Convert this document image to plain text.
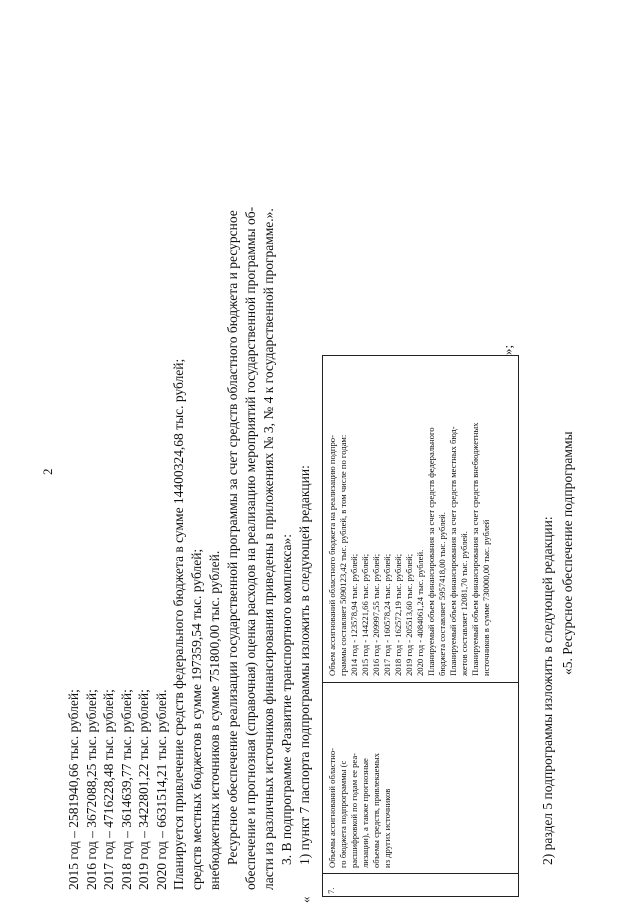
2
2015 год – 2581940,66 тыс. рублей; 2016 год – 3672088,25 тыс. рублей; 2017 год – 4716228,48 тыс. рублей; 2018 год – 3614639,77 тыс. рублей; 2019 год – 3422801,22 тыс. рублей; 2020 год – 6631514,21 тыс. рублей. Планируется привлечение средств федерального бюджета в сумме 14400324,68 тыс. рублей; средств местных бюджетов в сумме 197359,54 тыс. рублей; внебюджетных источников в сумме 751800,00 тыс. рублей. Ресурсное обеспечение реализации государственной программы за счет средств областного бюджета и ресурсное обеспечение и прогнозная (справочная) оценка расходов на реализацию мероприятий государственной программы об- ласти из различных источников финансирования приведены в приложениях № 3, № 4 к государственной программе.». 3. В подпрограмме «Развитие транспортного комплекса»: 1) пункт 7 паспорта подпрограммы изложить в следующей редакции:
«
7.
Объемы ассигнований областно-
го бюджета подпрограммы (с
расшифровкой по годам ее реа-
лизации), а также прогнозные
объемы средств, привлекаемых
из других источников
Объем ассигнований областного бюджета на реализацию подпро- граммы составляет 5090123,42 тыс. рублей, в том числе по годам: 2014 год - 123578,94 тыс. рублей; 2015 год - 144221,66 тыс. рублей; 2016 год - 209997,55 тыс. рублей; 2017 год - 160578,24 тыс. рублей; 2018 год - 162572,19 тыс. рублей; 2019 год - 205513,60 тыс. рублей; 2020 год - 4084061,24 тыс. рублей. Планируемый объем финансирования за счет средств федерального бюджета составляет 5957418,00 тыс. рублей. Планируемый объем финансирования за счет средств местных бюд- жетов составляет 12081,70 тыс. рублей. Планируемый объем финансирования за счет средств внебюджетных источников в сумме 730000,00 тыс. рублей
»;
2) раздел 5 подпрограммы изложить в следующей редакции: «5. Ресурсное обеспечение подпрограммы
